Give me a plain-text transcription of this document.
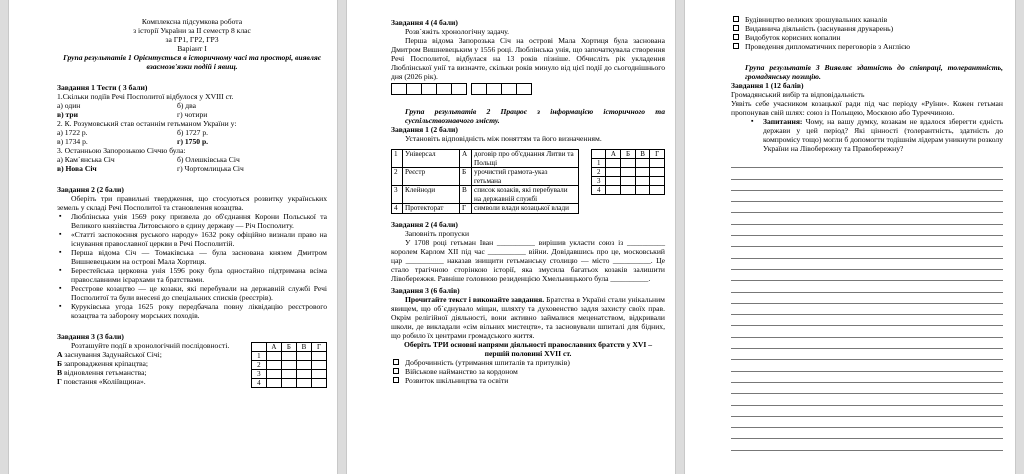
Комплексна підсумкова робота

з історії України за ІІ семестр 8 клас

за ГР1, ГР2, ГР3

Варіант І

Група результатів 1 Орієнтується в історичному часі та просторі, виявляє взаємозв'язки подій і явищ.

Завдання 1 Тести ( 3 бали)

1.Скільки подіїв Речі Посполитої відбулося у XVIII ст.

а) один	б) два
в) три	г) чотири

2. К. Розумовський став останнім гетьманом України у:

а) 1722 р.	б) 1727 р.
в) 1734 р.	г) 1750 р.

3. Останньою Запорозькою Січчю була:

а) Кам`янська Січ	б) Олешківська Січ
в) Нова Січ	г) Чортомлицька Січ

Завдання 2 (2 бали)

Оберіть три правильні твердження, що стосуються розвитку українських земель у складі Речі Посполитої та становлення козацтва.

▪ Люблінська унія 1569 року призвела до об'єднання Корони Польської та Великого князівства Литовського в єдину державу — Річ Посполиту.
▪ «Статті заспокоєння руського народу» 1632 року офіційно визнали право на існування православної церкви в Речі Посполитій.
▪ Перша відома Січ — Томаківська — була заснована князем Дмитром Вишневецьким на острові Мала Хортиця.
▪ Берестейська церковна унія 1596 року була одностайно підтримана всіма православними ієрархами та братствами.
▪ Реєстрове козацтво — це козаки, які перебували на державній службі Речі Посполитої та були внесені до спеціальних списків (реєстрів).
▪ Куруківська угода 1625 року передбачала повну ліквідацію реєстрового козацтва та заборону морських походів.

Завдання 3 (3 бали)

Розташуйте події в хронологічній послідовності.

А заснування Задунайської Січі;

Б запровадження кріпацтва;

В відновлення гетьманства;

Г повстання «Коліївщина».

	А	Б	В	Г
1				
2				
3				
4				

Завдання 4 (4 бали)

Розв`яжіть хронологічну задачу.

Перша відома Запорозька Січ на острові Мала Хортиця була заснована Дмитром Вишневецьким у 1556 році. Люблінська унія, що започаткувала створення Речі Посполитої, відбулася на 13 років пізніше. Обчисліть рік укладення Люблінської унії та визначте, скільки років минуло від цієї події до сьогоднішнього дня (2026 рік).

Група результатів 2 Працює з інформацією історичного та суспільствознавчого змісту.

Завдання 1 (2 бали)

Установіть відповідність між поняттям та його визначенням.

1	Універсал	А	договір про об'єднання Литви та Польщі
2	Реєстр	Б	урочистий грамота-указ гетьмана
3	Клейноди	В	список козаків, які перебували на державній службі
4	Протекторат	Г	символи влади козацької влади
	А	Б	В	Г
1				
2				
3				
4				

Завдання 2 (4 бали)

Заповніть пропуски

У 1708 році гетьман Іван __________ вирішив укласти союз із __________ королем Карлом XII під час __________ війни. Довідавшись про це, московський цар __________ наказав знищити гетьманську столицю — місто __________. Це стало трагічною сторінкою історії, яка змусила багатьох козаків залишити Лівобережжя. Равніше головною резиденцією Хмельницького була __________.

Завдання 3 (6 балів)

Прочитайте текст і виконайте завдання. Братства в Україні стали унікальним явищем, що об`єднувало міщан, шляхту та духовенство задля захисту своїх прав. Окрім релігійної діяльності, вони активно займалися меценатством, відкривали школи, де викладали «сім вільних мистецтв», та засновували шпиталі для бідних, що робило їх центрами громадського життя.

Оберіть ТРИ основні напрями діяльності православних братств у XVI – першій половині XVII ст.

Доброчинність (утримання шпиталів та притулків)
Військове найманство за кордоном
Розвиток шкільництва та освіти
Будівництво великих зрошувальних каналів
Видавнича діяльність (заснування друкарень)
Видобуток корисних копалин
Проведення дипломатичних переговорів з Англією

Група результатів 3 Виявляє здатність до співпраці, толерантність, громадянську позицію.

Завдання 1 (12 балів)

Громадянський вибір та відповідальність

Уявіть себе учасником козацької ради під час періоду «Руїни». Кожен гетьман пропонував свій шлях: союз із Польщею, Москвою або Туреччиною.

▪ Запитання: Чому, на вашу думку, козакам не вдалося зберегти єдність держави у цей період? Які цінності (толерантність, здатність до компромісу тощо) могли б допомогти тодішнім лідерам уникнути розколу України на Лівобережну та Правобережну?
